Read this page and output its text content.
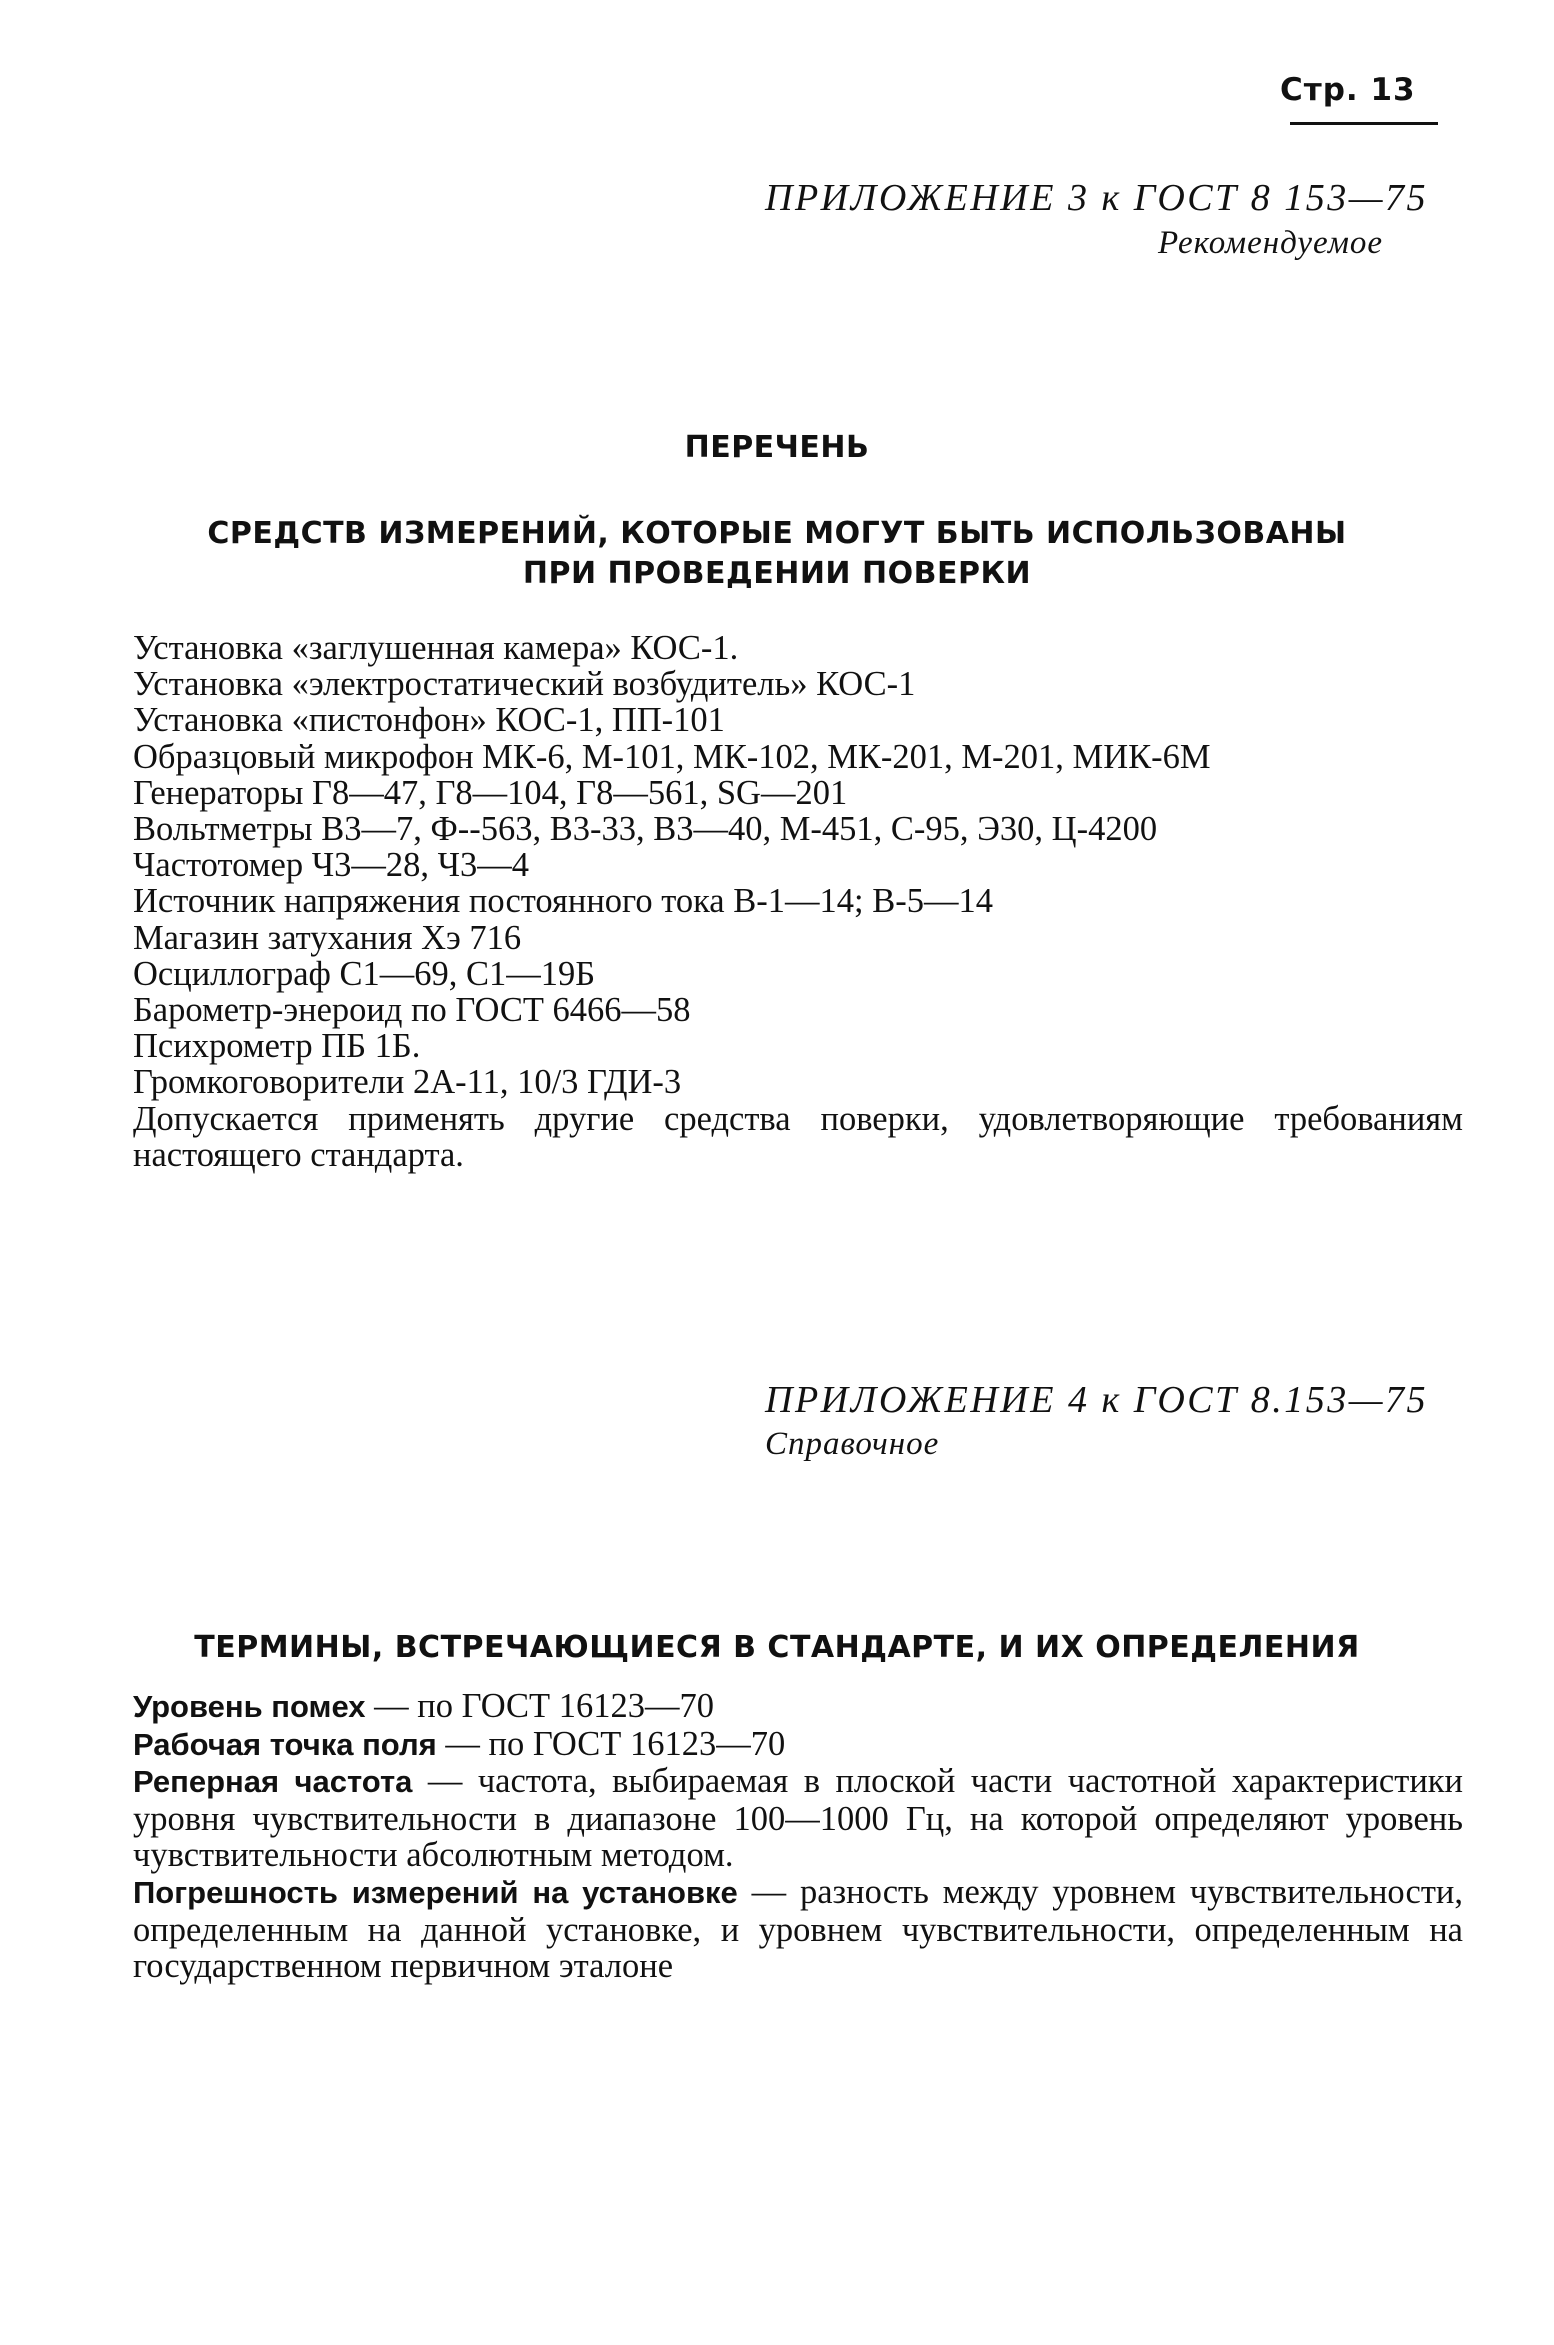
Стр. 13
ПРИЛОЖЕНИЕ 3 к ГОСТ 8 153—75
Рекомендуемое
ПЕРЕЧЕНЬ
СРЕДСТВ ИЗМЕРЕНИЙ, КОТОРЫЕ МОГУТ БЫТЬ ИСПОЛЬЗОВАНЫ
ПРИ ПРОВЕДЕНИИ ПОВЕРКИ
Установка «заглушенная камера» КОС-1.
Установка «электростатический возбудитель» КОС-1
Установка «пистонфон» КОС-1, ПП-101
Образцовый микрофон МК-6, М-101, МК-102, МК-201, М-201, МИК-6М
Генераторы Г8—47, Г8—104, Г8—561, SG—201
Вольтметры В3—7, Ф--563, В3-33, В3—40, М-451, С-95, Э30, Ц-4200
Частотомер Ч3—28, Ч3—4
Источник напряжения постоянного тока В-1—14; В-5—14
Магазин затухания Хэ 716
Осциллограф С1—69, С1—19Б
Барометр-энероид по ГОСТ 6466—58
Психрометр ПБ 1Б.
Громкоговорители 2А-11, 10/3 ГДИ-3
Допускается применять другие средства поверки, удовлетворяющие требованиям настоящего стандарта.
ПРИЛОЖЕНИЕ 4 к ГОСТ 8.153—75
Справочное
ТЕРМИНЫ, ВСТРЕЧАЮЩИЕСЯ В СТАНДАРТЕ, И ИХ ОПРЕДЕЛЕНИЯ
Уровень помех — по ГОСТ 16123—70
Рабочая точка поля — по ГОСТ 16123—70
Реперная частота — частота, выбираемая в плоской части частотной характеристики уровня чувствительности в диапазоне 100—1000 Гц, на которой определяют уровень чувствительности абсолютным методом.
Погрешность измерений на установке — разность между уровнем чувствительности, определенным на данной установке, и уровнем чувствительности, определенным на государственном первичном эталоне
